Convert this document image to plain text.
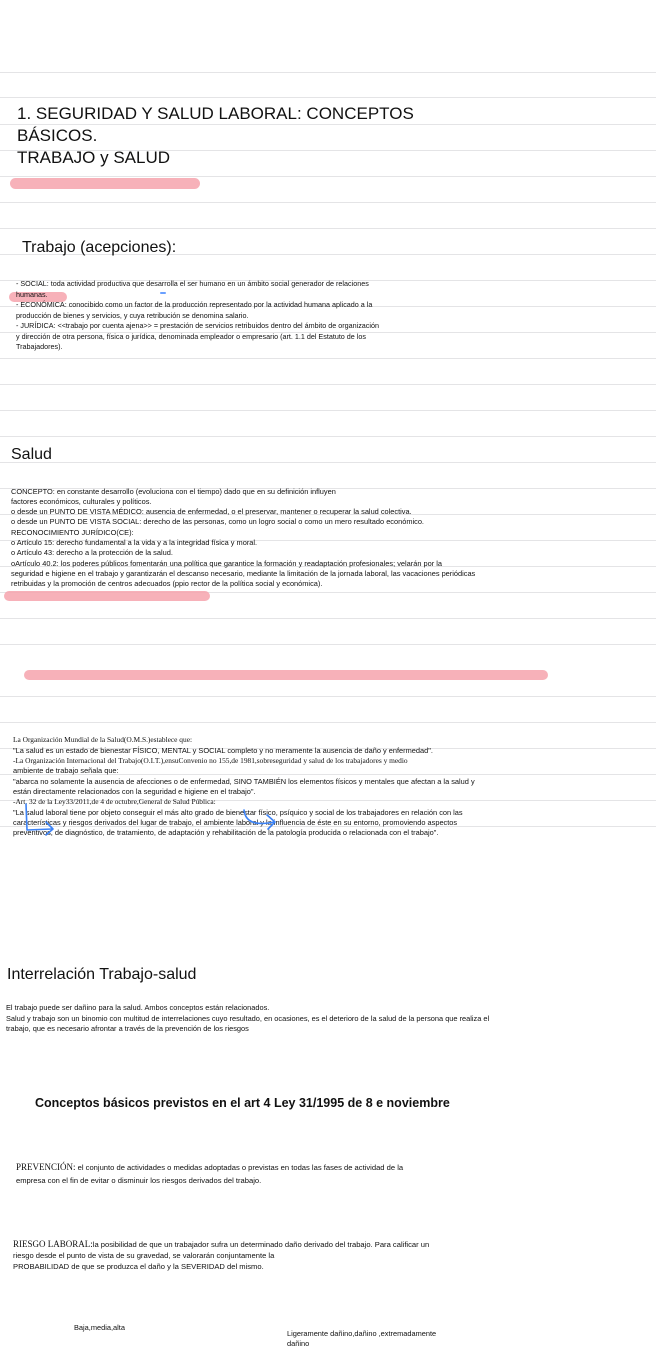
1. SEGURIDAD Y SALUD LABORAL: CONCEPTOS
BÁSICOS.
TRABAJO y SALUD
Trabajo (acepciones):
- SOCIAL: toda actividad productiva que desarrolla el ser humano en un ámbito social generador de relaciones
humanas.
- ECONÓMICA: conocibido como un factor de la producción representado por la actividad humana aplicado a la
producción de bienes y servicios, y cuya retribución se denomina salario.
- JURÍDICA: <<trabajo por cuenta ajena>> = prestación de servicios retribuidos dentro del ámbito de organización
y dirección de otra persona, física o jurídica, denominada empleador o empresario (art. 1.1 del Estatuto de los
Trabajadores).
Salud
CONCEPTO: en constante desarrollo (evoluciona con el tiempo) dado que en su definición influyen
factores económicos, culturales y políticos.
o desde un PUNTO DE VISTA MÉDICO: ausencia de enfermedad, o el preservar, mantener o recuperar la salud colectiva.
o desde un PUNTO DE VISTA SOCIAL: derecho de las personas, como un logro social o como un mero resultado económico.
RECONOCIMIENTO JURÍDICO(CE):
o Artículo 15: derecho fundamental a la vida y a la integridad física y moral.
o Artículo 43: derecho a la protección de la salud.
oArtículo 40.2: los poderes públicos fomentarán una política que garantice la formación y readaptación profesionales; velarán por la
seguridad e higiene en el trabajo y garantizarán el descanso necesario, mediante la limitación de la jornada laboral, las vacaciones periódicas
retribuidas y la promoción de centros adecuados (ppio rector de la política social y económica).
La Organización Mundial de la Salud(O.M.S.)establece que:
"La salud es un estado de bienestar FÍSICO, MENTAL y SOCIAL completo y no meramente la ausencia de daño y enfermedad".
-La Organización Internacional del Trabajo(O.I.T.),ensuConvenio no 155,de 1981,sobreseguridad y salud de los trabajadores y medio
ambiente de trabajo señala que:
"abarca no solamente la ausencia de afecciones o de enfermedad, SINO TAMBIÉN los elementos físicos y mentales que afectan a la salud y
están directamente relacionados con la seguridad e higiene en el trabajo".
-Art. 32 de la Ley33/2011,de 4 de octubre,General de Salud Pública:
"La salud laboral tiene por objeto conseguir el más alto grado de bienestar físico, psíquico y social de los trabajadores en relación con las
características y riesgos derivados del lugar de trabajo, el ambiente laboral y la influencia de éste en su entorno, promoviendo aspectos
preventivos, de diagnóstico, de tratamiento, de adaptación y rehabilitación de la patología producida o relacionada con el trabajo".
Interrelación Trabajo-salud
El trabajo puede ser dañino para la salud. Ambos conceptos están relacionados.
Salud y trabajo son un binomio con multitud de interrelaciones cuyo resultado, en ocasiones, es el deterioro de la salud de la persona que realiza el
trabajo, que es necesario afrontar a través de la prevención de los riesgos
Conceptos básicos previstos en el art 4 Ley 31/1995 de 8 e noviembre
PREVENCIÓN: el conjunto de actividades o medidas adoptadas o previstas en todas las fases de actividad de la
empresa con el fin de evitar o disminuir los riesgos derivados del trabajo.
RIESGO LABORAL:la posibilidad de que un trabajador sufra un determinado daño derivado del trabajo. Para calificar un
riesgo desde el punto de vista de su gravedad, se valorarán conjuntamente la
PROBABILIDAD de que se produzca el daño y la SEVERIDAD del mismo.
Baja,media,alta
Ligeramente dañino,dañino ,extremadamente
dañino
